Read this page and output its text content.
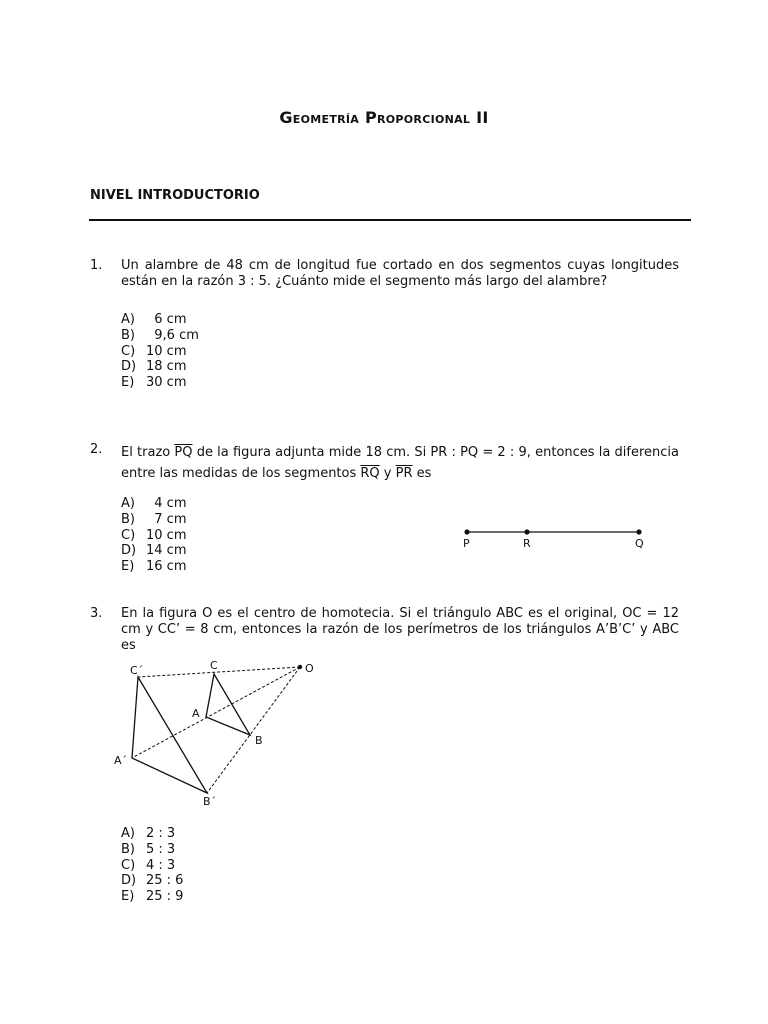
Geometría Proporcional II
NIVEL INTRODUCTORIO
1. Un alambre de 48 cm de longitud fue cortado en dos segmentos cuyas longitudes están en la razón 3 : 5. ¿Cuánto mide el segmento más largo del alambre?
A)  6 cm
B)  9,6 cm
C) 10 cm
D) 18 cm
E) 30 cm
2. El trazo $\overline{PQ}$ de la figura adjunta mide 18 cm. Si PR : PQ = 2 : 9, entonces la diferencia entre las medidas de los segmentos $\overline{RQ}$ y $\overline{PR}$ es
A)  4 cm
B)  7 cm
C) 10 cm
D) 14 cm
E) 16 cm
P	R	Q
3. En la figura O es el centro de homotecia. Si el triángulo ABC es el original, OC = 12 cm y CC’ = 8 cm, entonces la razón de los perímetros de los triángulos A’B’C’ y ABC es
O
C
A
B
C´
A´
B´
A) 2 : 3
B) 5 : 3
C) 4 : 3
D) 25 : 6
E) 25 : 9
